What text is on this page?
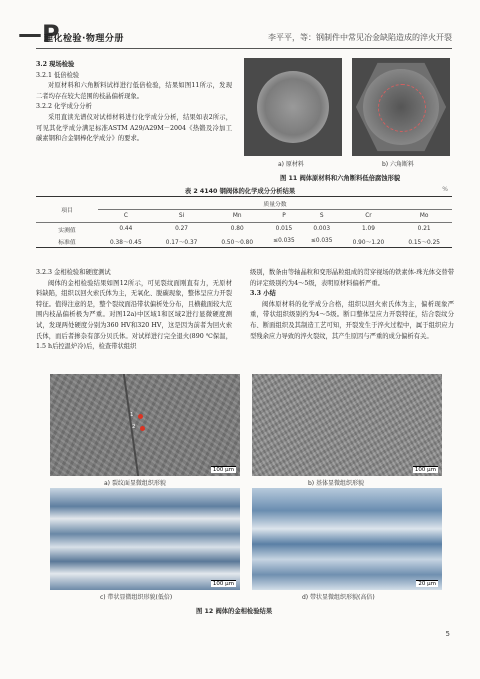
—P
理化检验·物理分册	李平平，等：钢制件中常见冶金缺陷造成的淬火开裂

3.2 現场检验

3.2.1 低倍检验

对原材料和六角断料试样进行低倍检验，结果如图11所示，发现二者均存在较大范围的枝晶偏析现象。

3.2.2 化学成分分析

采用直读光谱仪对试样材料进行化学成分分析，结果如表2所示，可见其化学成分满足标准ASTM A29/A29M－2004《热锻及冷加工碳素钢和合金钢棒化学成分》的要求。

a) 原材料	b) 六角断料
图 11 阀体原材料和六角断料低倍腐蚀形貌
表 2 4140 钢阀体的化学成分分析结果	%
项目	质量分数						
	C	Si	Mn	P	S	Cr	Mo
实测值	0.44	0.27	0.80	0.015	0.003	1.09	0.21
标准值	0.38～0.45	0.17～0.37	0.50～0.80	≤0.035	≤0.035	0.90～1.20	0.15～0.25

3.2.3 金相检验和硬度测试

阀体的金相检验结果如图12所示，可见裂纹面刚直有力，无原材料缺陷，组织以回火索氏体为主，无氧化、脱碳现象，整体呈应力开裂特征。值得注意的是，整个裂纹面沿带状偏析处分布，且横截面较大范围内枝晶偏析极为严重。对图12a)中区域1和区域2进行显微硬度测试，发现两处硬度分别为360 HV和320 HV，这是因为前者为回火索氏体，而后者掺杂有部分贝氏体。对试样进行完全退火(890 ℃保温，1.5 h后控温炉冷)后，检查带状组织

级别，数条由等轴晶粒和变形晶粒组成的贯穿视场的铁素体-珠光体交替带的评定级别约为4～5级，表明原材料偏析严重。

3.3 小结

阀体原材料的化学成分合格，组织以回火索氏体为主，偏析现象严重，带状组织级别约为4～5级。断口整体呈应力开裂特征，结合裂纹分布、断面组织及其制造工艺可知，开裂发生于淬火过程中，属于组织应力型残余应力导致的淬火裂纹，其产生原因与严重的成分偏析有关。

1
2
100 μm	100 μm
a) 裂纹面显微组织形貌	b) 基体显微组织形貌
100 μm	20 μm
c) 带状显微组织形貌(低倍)	d) 带状显微组织形貌(高倍)
图 12 阀体的金相检验结果
5
